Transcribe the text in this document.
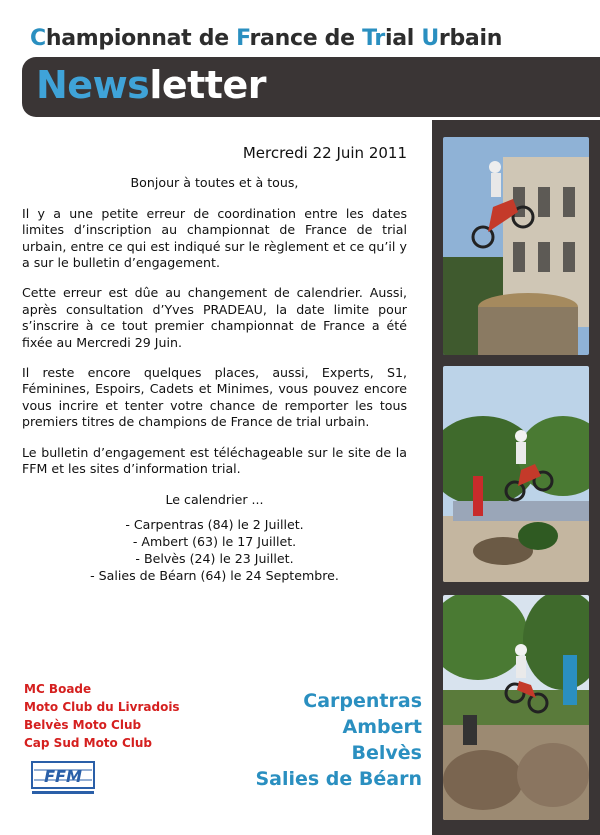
Championnat de France de Trial Urbain
Newsletter
Mercredi 22 Juin 2011

Bonjour à toutes et à tous,

Il y a une petite erreur de coordination entre les dates limites d’inscription au championnat de France de trial urbain, entre ce qui est indiqué sur le règlement et ce qu’il y a sur le bulletin d’engagement.

Cette erreur est dûe au changement de calendrier. Aussi, après consultation d’Yves PRADEAU, la date limite pour s’inscrire à ce tout premier championnat de France a été fixée au Mercredi 29 Juin.

Il reste encore quelques places, aussi, Experts, S1, Féminines, Espoirs, Cadets et Minimes, vous pouvez encore vous incrire et tenter votre chance de remporter les tous premiers titres de champions de France de trial urbain.

Le bulletin d’engagement est téléchageable sur le site de la FFM et les sites d’information trial.

Le calendrier ...

- Carpentras (84) le 2 Juillet.
- Ambert (63) le 17 Juillet.
- Belvès (24) le 23 Juillet.
- Salies de Béarn (64) le 24 Septembre.
MC Boade
Moto Club du Livradois
Belvès Moto Club
Cap Sud Moto Club
FFM
Carpentras
Ambert
Belvès
Salies de Béarn
